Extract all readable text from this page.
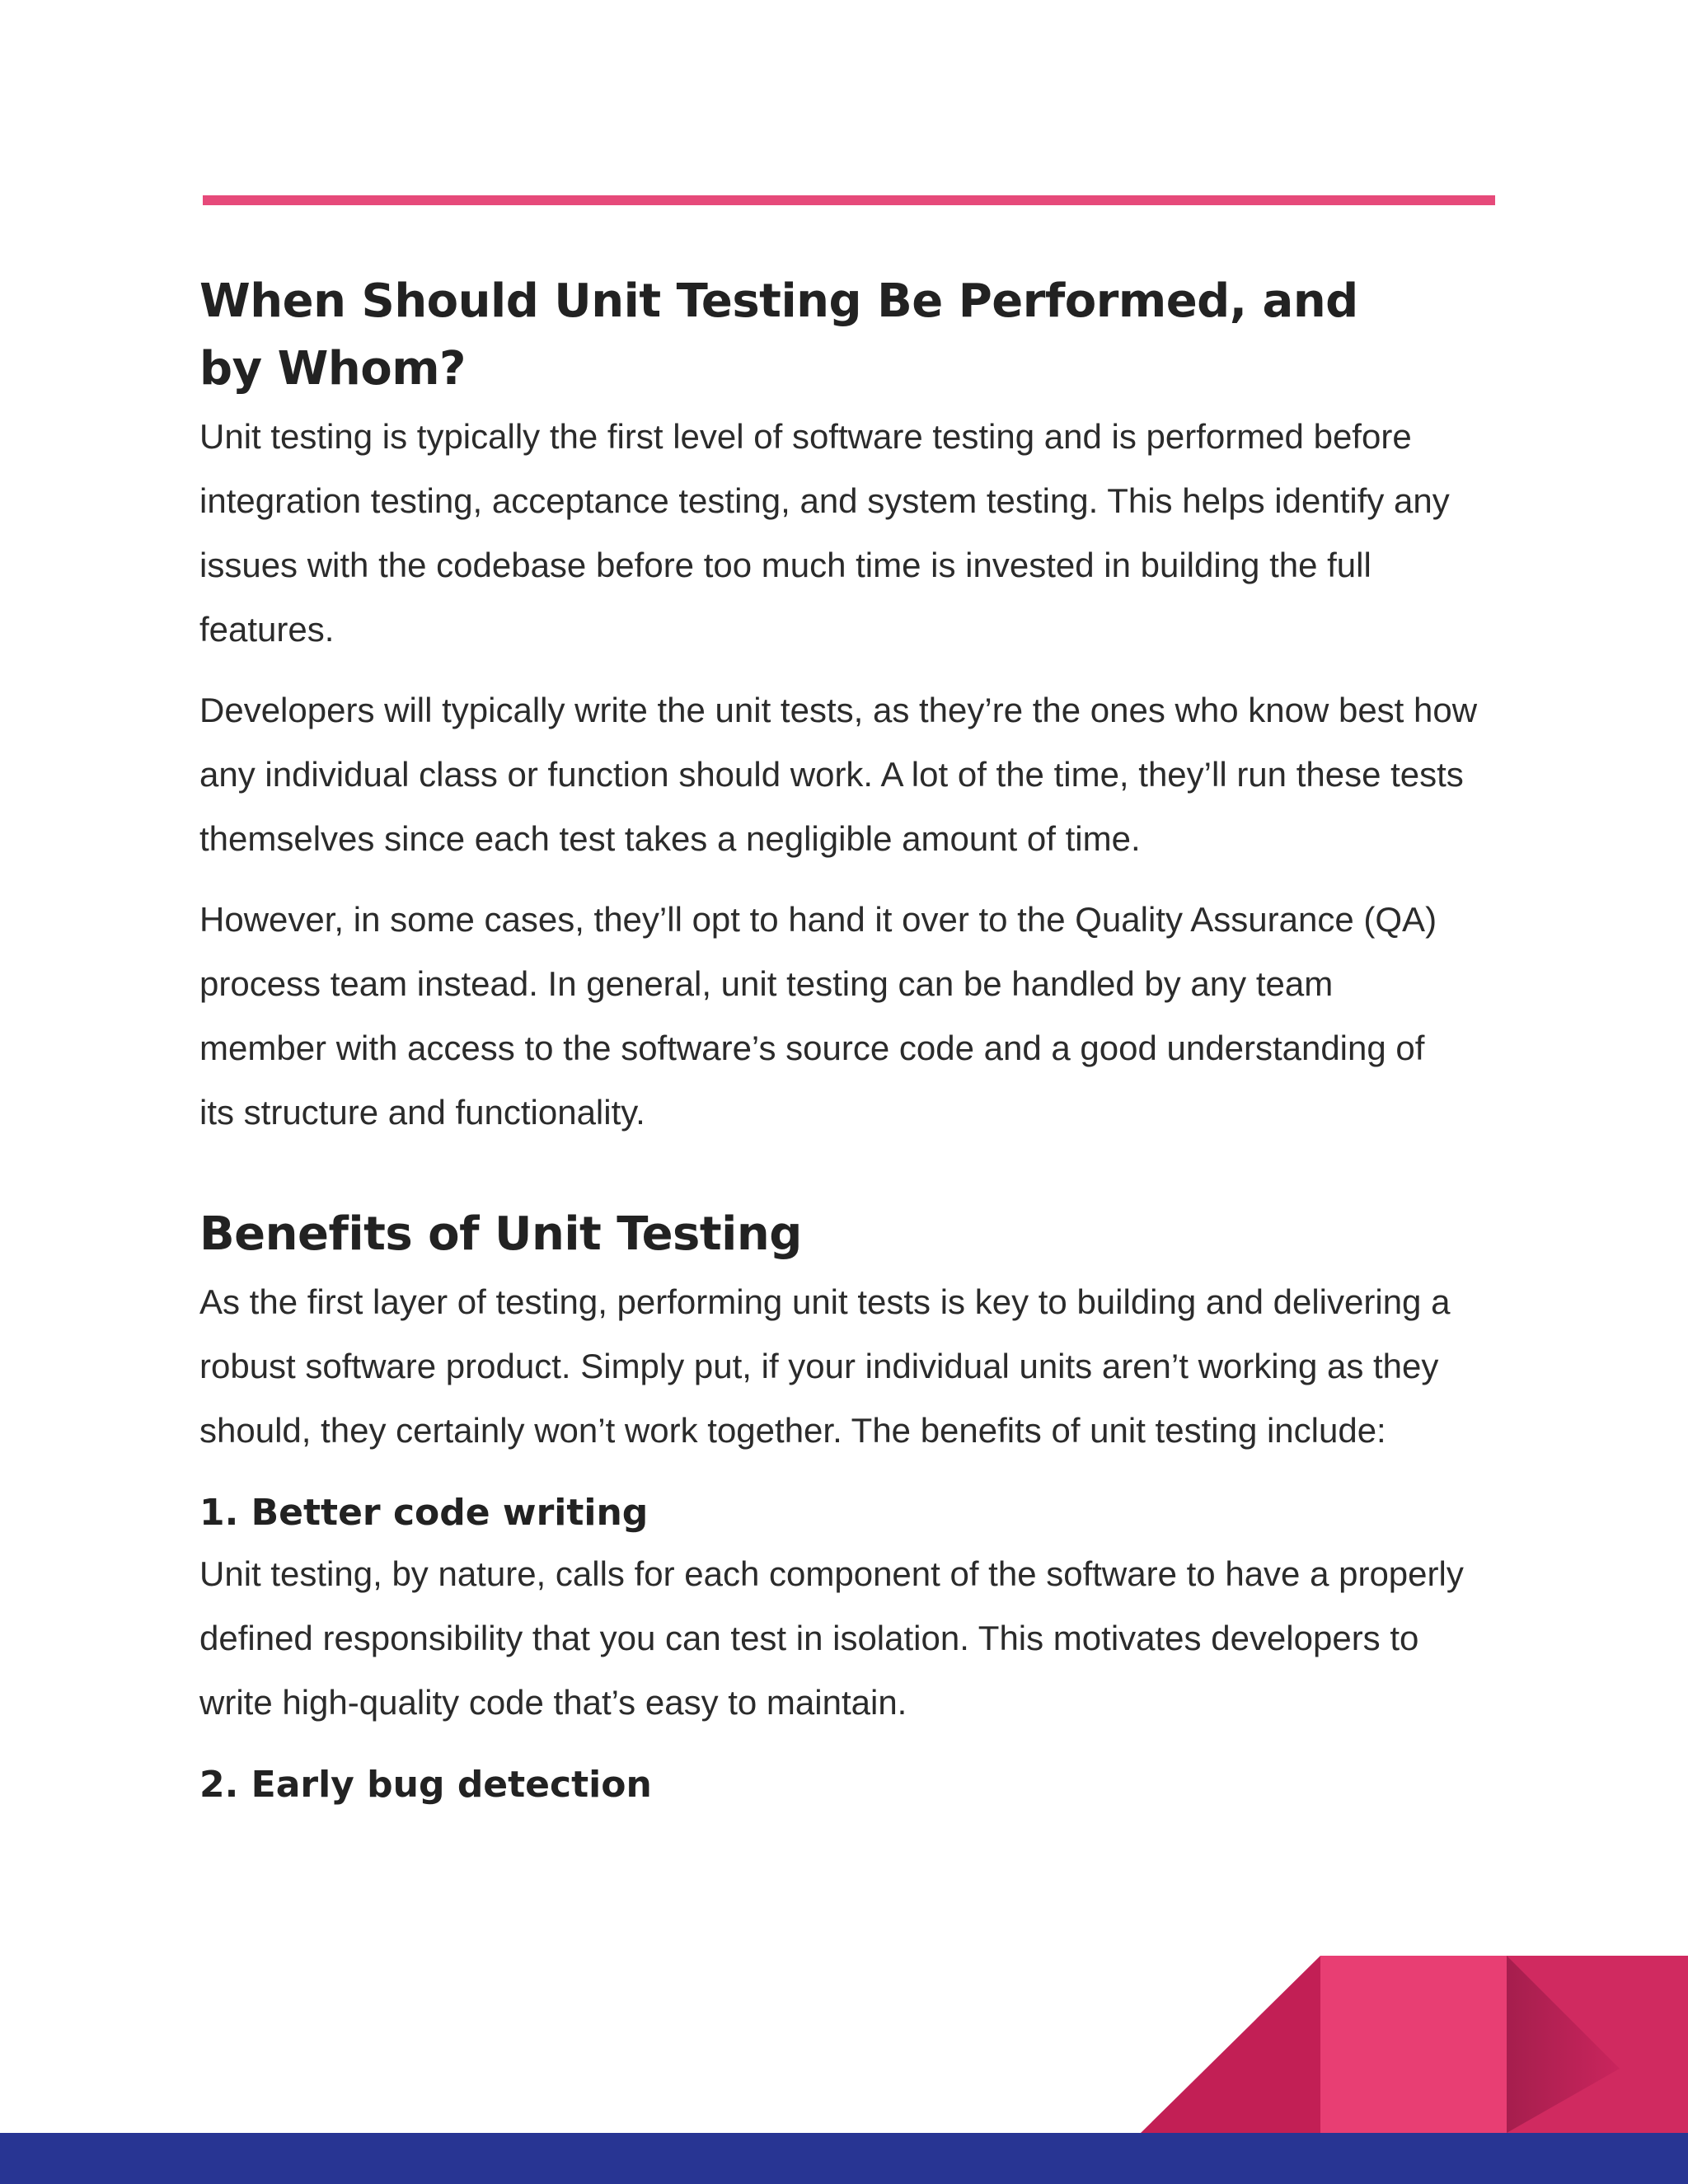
When Should Unit Testing Be Performed, and by Whom?

Unit testing is typically the first level of software testing and is performed before integration testing, acceptance testing, and system testing. This helps identify any issues with the codebase before too much time is invested in building the full features.

Developers will typically write the unit tests, as they’re the ones who know best how any individual class or function should work. A lot of the time, they’ll run these tests themselves since each test takes a negligible amount of time.

However, in some cases, they’ll opt to hand it over to the Quality Assurance (QA) process team instead. In general, unit testing can be handled by any team member with access to the software’s source code and a good understanding of its structure and functionality.

Benefits of Unit Testing

As the first layer of testing, performing unit tests is key to building and delivering a robust software product. Simply put, if your individual units aren’t working as they should, they certainly won’t work together. The benefits of unit testing include:

1. Better code writing

Unit testing, by nature, calls for each component of the software to have a properly defined responsibility that you can test in isolation. This motivates developers to write high-quality code that’s easy to maintain.

2. Early bug detection
